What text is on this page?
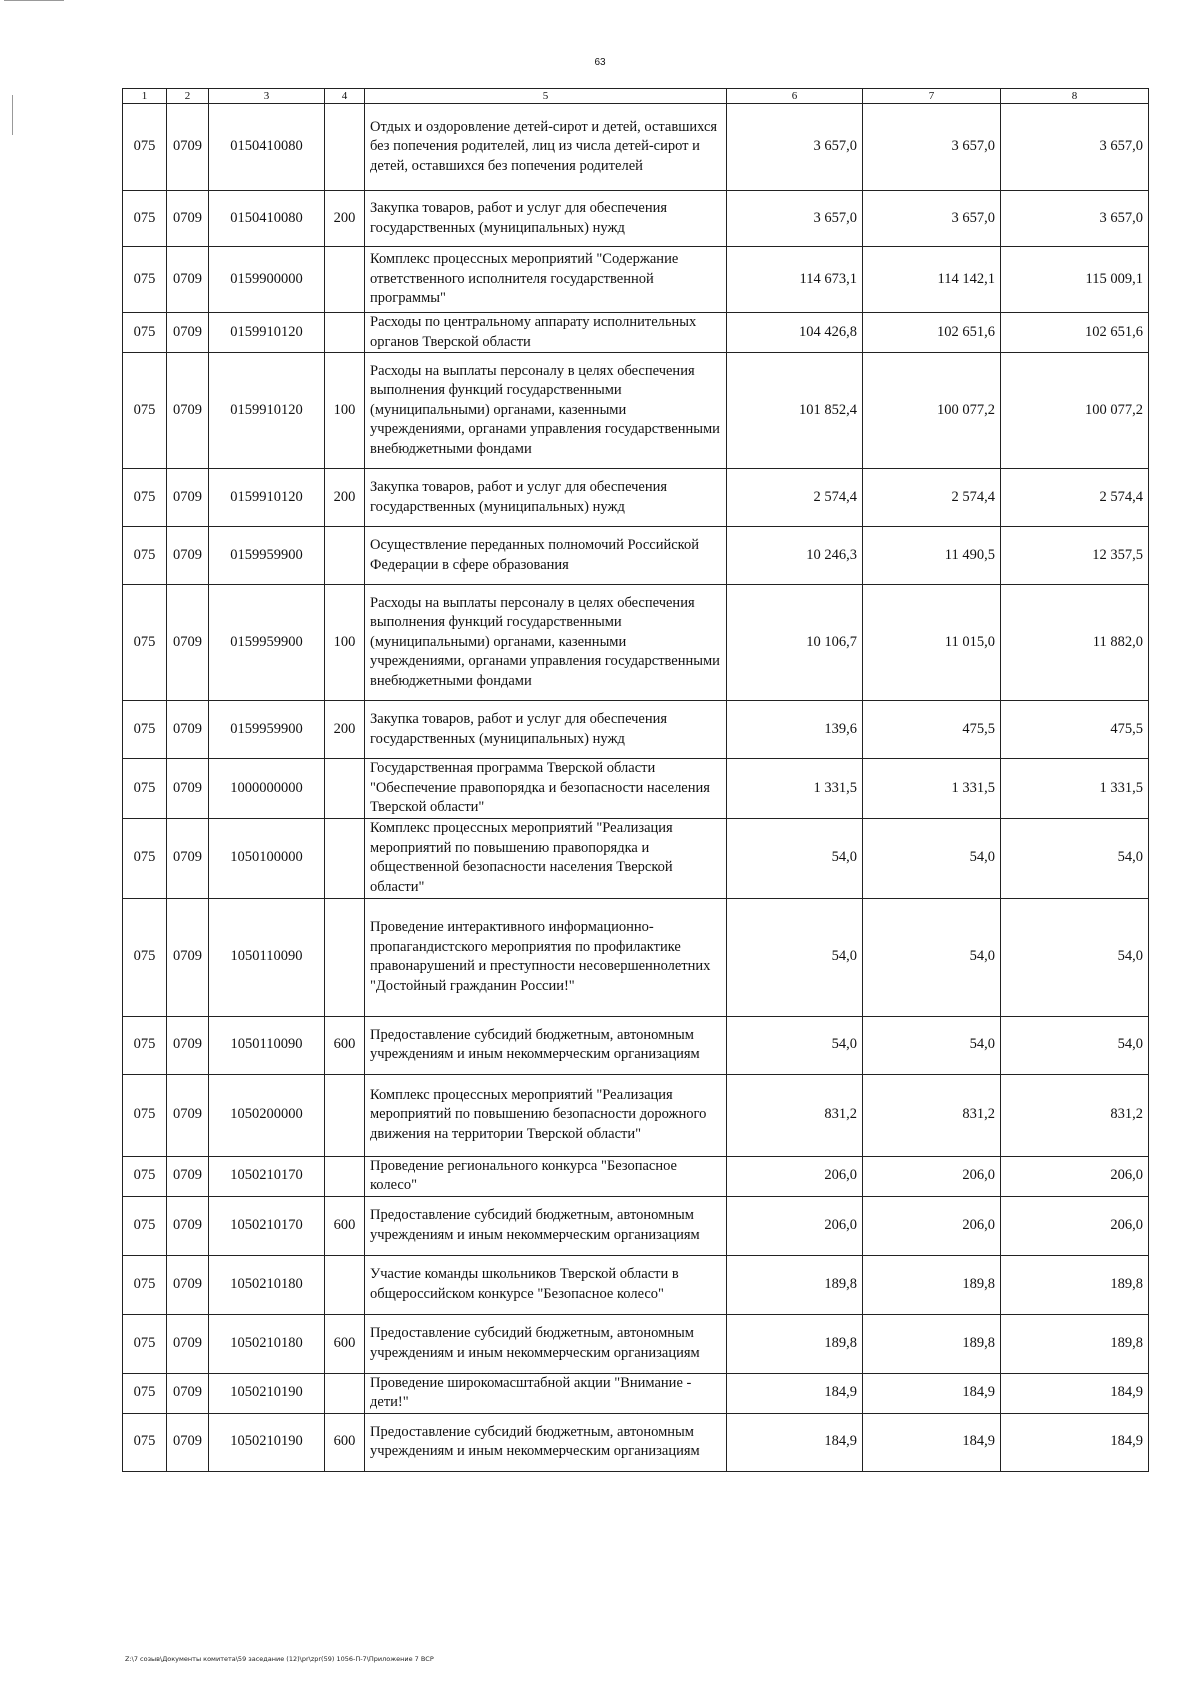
63
1	2	3	4	5	6	7	8
075	0709	0150410080		Отдых и оздоровление детей-сирот и детей, оставшихся без попечения родителей, лиц из числа детей-сирот и детей, оставшихся без попечения родителей	3 657,0	3 657,0	3 657,0
075	0709	0150410080	200	Закупка товаров, работ и услуг для обеспечения государственных (муниципальных) нужд	3 657,0	3 657,0	3 657,0
075	0709	0159900000		Комплекс процессных мероприятий "Содержание ответственного исполнителя государственной программы"	114 673,1	114 142,1	115 009,1
075	0709	0159910120		Расходы по центральному аппарату исполнительных органов Тверской области	104 426,8	102 651,6	102 651,6
075	0709	0159910120	100	Расходы на выплаты персоналу в целях обеспечения выполнения функций государственными (муниципальными) органами, казенными учреждениями, органами управления государственными внебюджетными фондами	101 852,4	100 077,2	100 077,2
075	0709	0159910120	200	Закупка товаров, работ и услуг для обеспечения государственных (муниципальных) нужд	2 574,4	2 574,4	2 574,4
075	0709	0159959900		Осуществление переданных полномочий Российской Федерации в сфере образования	10 246,3	11 490,5	12 357,5
075	0709	0159959900	100	Расходы на выплаты персоналу в целях обеспечения выполнения функций государственными (муниципальными) органами, казенными учреждениями, органами управления государственными внебюджетными фондами	10 106,7	11 015,0	11 882,0
075	0709	0159959900	200	Закупка товаров, работ и услуг для обеспечения государственных (муниципальных) нужд	139,6	475,5	475,5
075	0709	1000000000		Государственная программа Тверской области "Обеспечение правопорядка и безопасности населения Тверской области"	1 331,5	1 331,5	1 331,5
075	0709	1050100000		Комплекс процессных мероприятий "Реализация мероприятий по повышению правопорядка и общественной безопасности населения Тверской области"	54,0	54,0	54,0
075	0709	1050110090		Проведение интерактивного информационно-пропагандистского мероприятия по профилактике правонарушений и преступности несовершеннолетних "Достойный гражданин России!"	54,0	54,0	54,0
075	0709	1050110090	600	Предоставление субсидий бюджетным, автономным учреждениям и иным некоммерческим организациям	54,0	54,0	54,0
075	0709	1050200000		Комплекс процессных мероприятий "Реализация мероприятий по повышению безопасности дорожного движения на территории Тверской области"	831,2	831,2	831,2
075	0709	1050210170		Проведение регионального конкурса "Безопасное колесо"	206,0	206,0	206,0
075	0709	1050210170	600	Предоставление субсидий бюджетным, автономным учреждениям и иным некоммерческим организациям	206,0	206,0	206,0
075	0709	1050210180		Участие команды школьников Тверской области в общероссийском конкурсе "Безопасное колесо"	189,8	189,8	189,8
075	0709	1050210180	600	Предоставление субсидий бюджетным, автономным учреждениям и иным некоммерческим организациям	189,8	189,8	189,8
075	0709	1050210190		Проведение широкомасштабной акции "Внимание - дети!"	184,9	184,9	184,9
075	0709	1050210190	600	Предоставление субсидий бюджетным, автономным учреждениям и иным некоммерческим организациям	184,9	184,9	184,9
Z:\7 созыв\Документы комитета\59 заседание (12)\pr\zpr(59) 1056-П-7\Приложение 7 ВСР
